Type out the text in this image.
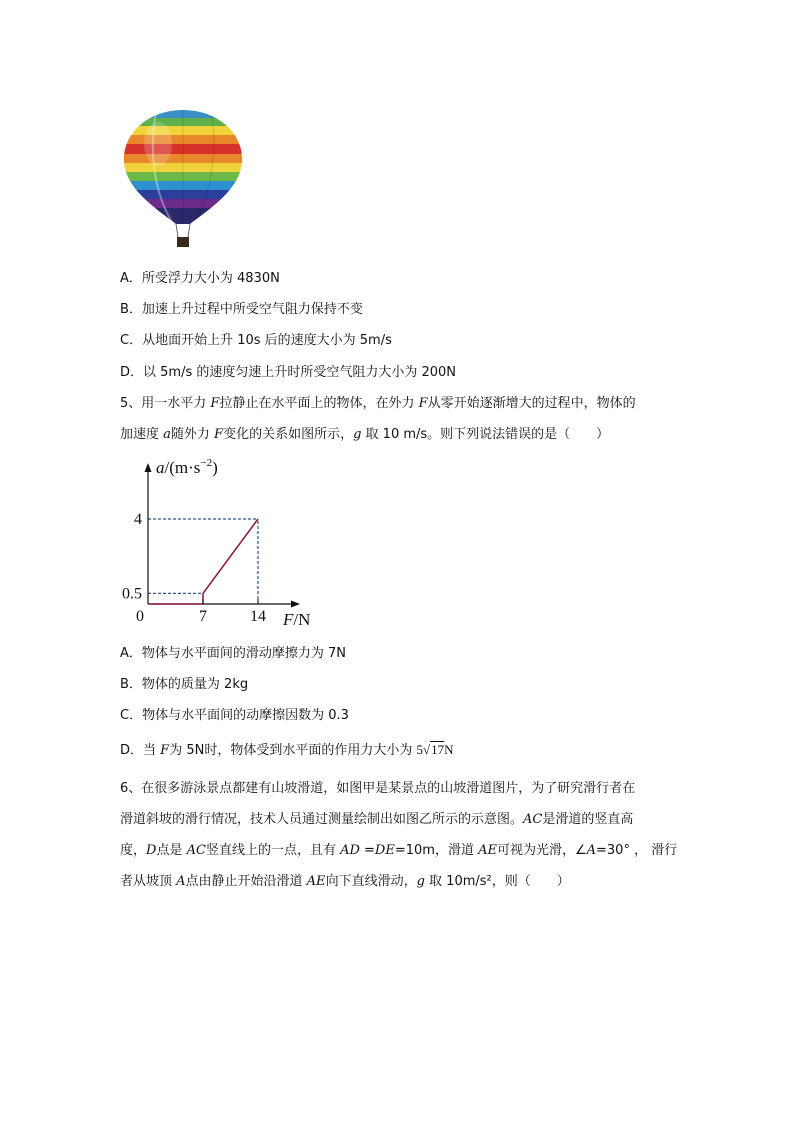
A．所受浮力大小为 4830N
B．加速上升过程中所受空气阻力保持不变
C．从地面开始上升 10s 后的速度大小为 5m/s
D．以 5m/s 的速度匀速上升时所受空气阻力大小为 200N
5、用一水平力 F拉静止在水平面上的物体，在外力 F从零开始逐渐增大的过程中，物体的
加速度 a随外力 F变化的关系如图所示，g 取 10 m/s。则下列说法错误的是（　　）
0	7	14
0.5
4
$a/(m\cdot s^{-2})$
F/N
A．物体与水平面间的滑动摩擦力为 7N
B．物体的质量为 2kg
C．物体与水平面间的动摩擦因数为 0.3
D．当 F为 5N时，物体受到水平面的作用力大小为 5√17N
6、在很多游泳景点都建有山坡滑道，如图甲是某景点的山坡滑道图片，为了研究滑行者在
滑道斜坡的滑行情况，技术人员通过测量绘制出如图乙所示的示意图。AC是滑道的竖直高
度，D点是 AC竖直线上的一点，且有 AD =DE=10m，滑道 AE可视为光滑，∠A=30° ， 滑行
者从坡顶 A点由静止开始沿滑道 AE向下直线滑动，g 取 10m/s²，则（　　）
